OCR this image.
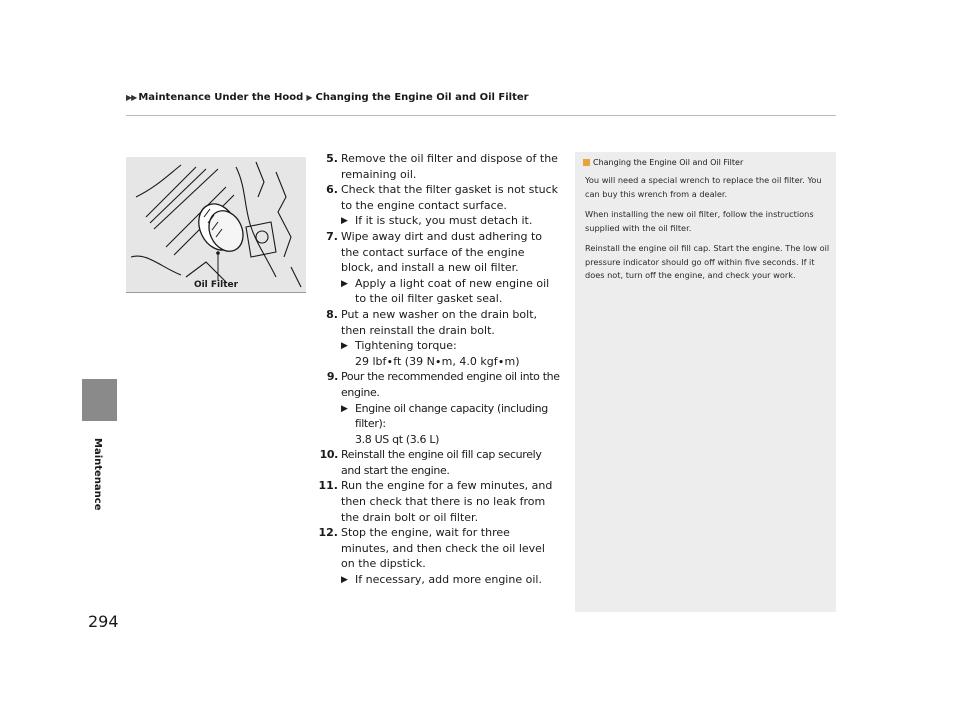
▶▶ Maintenance Under the Hood ▶ Changing the Engine Oil and Oil Filter
Maintenance
294
Oil Filter
5. Remove the oil filter and dispose of the remaining oil.
6. Check that the filter gasket is not stuck to the engine contact surface.
▶ If it is stuck, you must detach it.
7. Wipe away dirt and dust adhering to the contact surface of the engine block, and install a new oil filter.
▶ Apply a light coat of new engine oil to the oil filter gasket seal.
8. Put a new washer on the drain bolt, then reinstall the drain bolt.
▶ Tightening torque:
29 lbf∙ft (39 N∙m, 4.0 kgf∙m)
9. Pour the recommended engine oil into the engine.
▶ Engine oil change capacity (including filter):
3.8 US qt (3.6 L)
10. Reinstall the engine oil fill cap securely and start the engine.
11. Run the engine for a few minutes, and then check that there is no leak from the drain bolt or oil filter.
12. Stop the engine, wait for three minutes, and then check the oil level on the dipstick.
▶ If necessary, add more engine oil.
Changing the Engine Oil and Oil Filter

You will need a special wrench to replace the oil filter. You can buy this wrench from a dealer.

When installing the new oil filter, follow the instructions supplied with the oil filter.

Reinstall the engine oil fill cap. Start the engine. The low oil pressure indicator should go off within five seconds. If it does not, turn off the engine, and check your work.
